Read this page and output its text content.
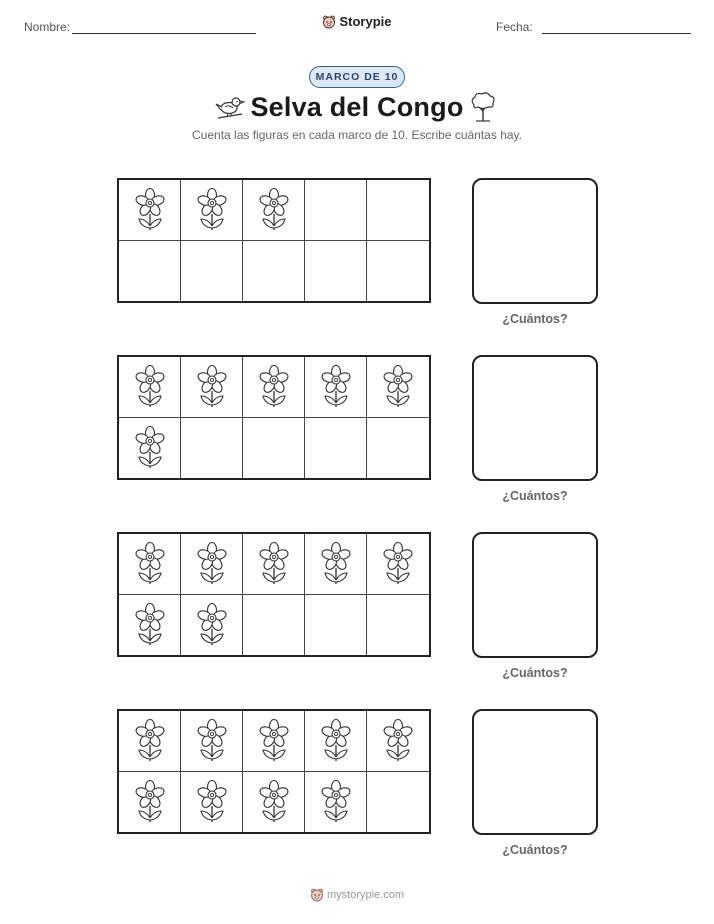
Nombre:	Storypie	Fecha:
MARCO DE 10
Selva del Congo
Cuenta las figuras en cada marco de 10. Escribe cuántas hay.
¿Cuántos?
¿Cuántos?
¿Cuántos?
¿Cuántos?
mystorypie.com
